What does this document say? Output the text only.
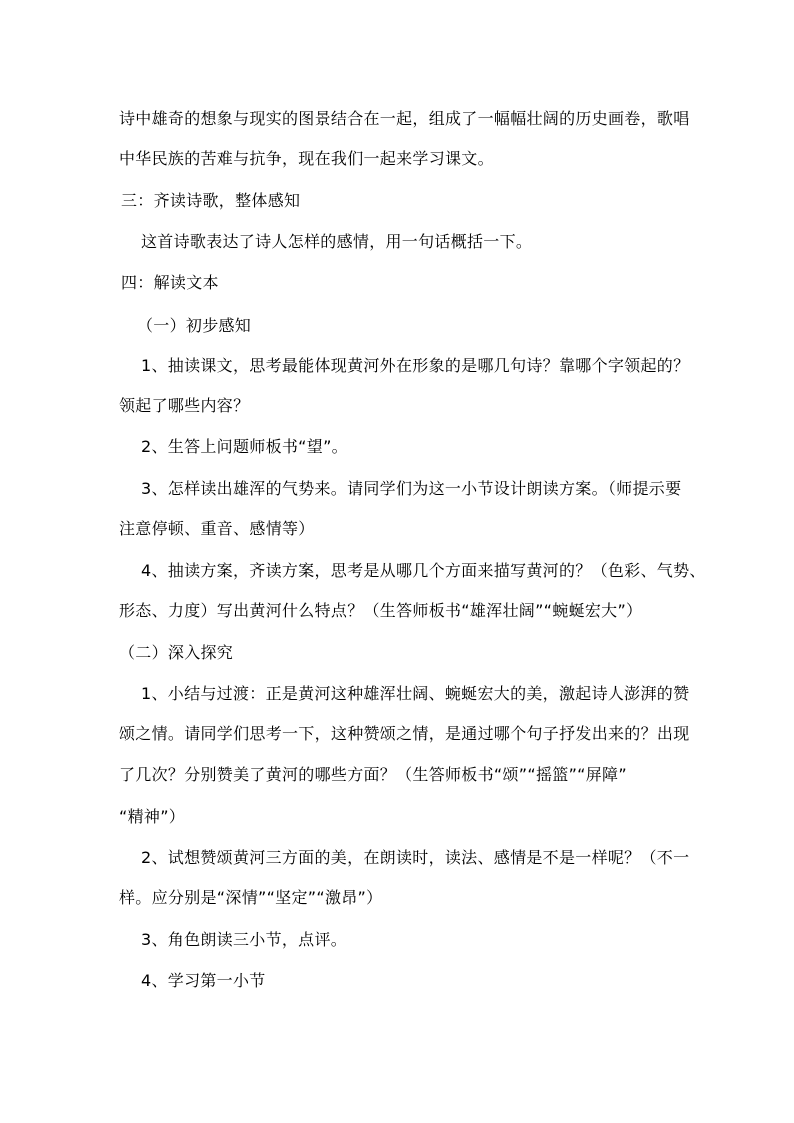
诗中雄奇的想象与现实的图景结合在一起，组成了一幅幅壮阔的历史画卷，歌唱
中华民族的苦难与抗争，现在我们一起来学习课文。
三：齐读诗歌，整体感知
这首诗歌表达了诗人怎样的感情，用一句话概括一下。
四：解读文本
（一）初步感知
1、抽读课文，思考最能体现黄河外在形象的是哪几句诗？靠哪个字领起的？
领起了哪些内容？
2、生答上问题师板书“望”。
3、怎样读出雄浑的气势来。请同学们为这一小节设计朗读方案。（师提示要
注意停顿、重音、感情等）
4、抽读方案，齐读方案，思考是从哪几个方面来描写黄河的？（色彩、气势、
形态、力度）写出黄河什么特点？（生答师板书“雄浑壮阔”“蜿蜒宏大”）
（二）深入探究
1、小结与过渡：正是黄河这种雄浑壮阔、蜿蜒宏大的美，激起诗人澎湃的赞
颂之情。请同学们思考一下，这种赞颂之情，是通过哪个句子抒发出来的？出现
了几次？分别赞美了黄河的哪些方面？（生答师板书“颂”“摇篮”“屏障”
“精神”）
2、试想赞颂黄河三方面的美，在朗读时，读法、感情是不是一样呢？（不一
样。应分别是“深情”“坚定”“激昂”）
3、角色朗读三小节，点评。
4、学习第一小节
